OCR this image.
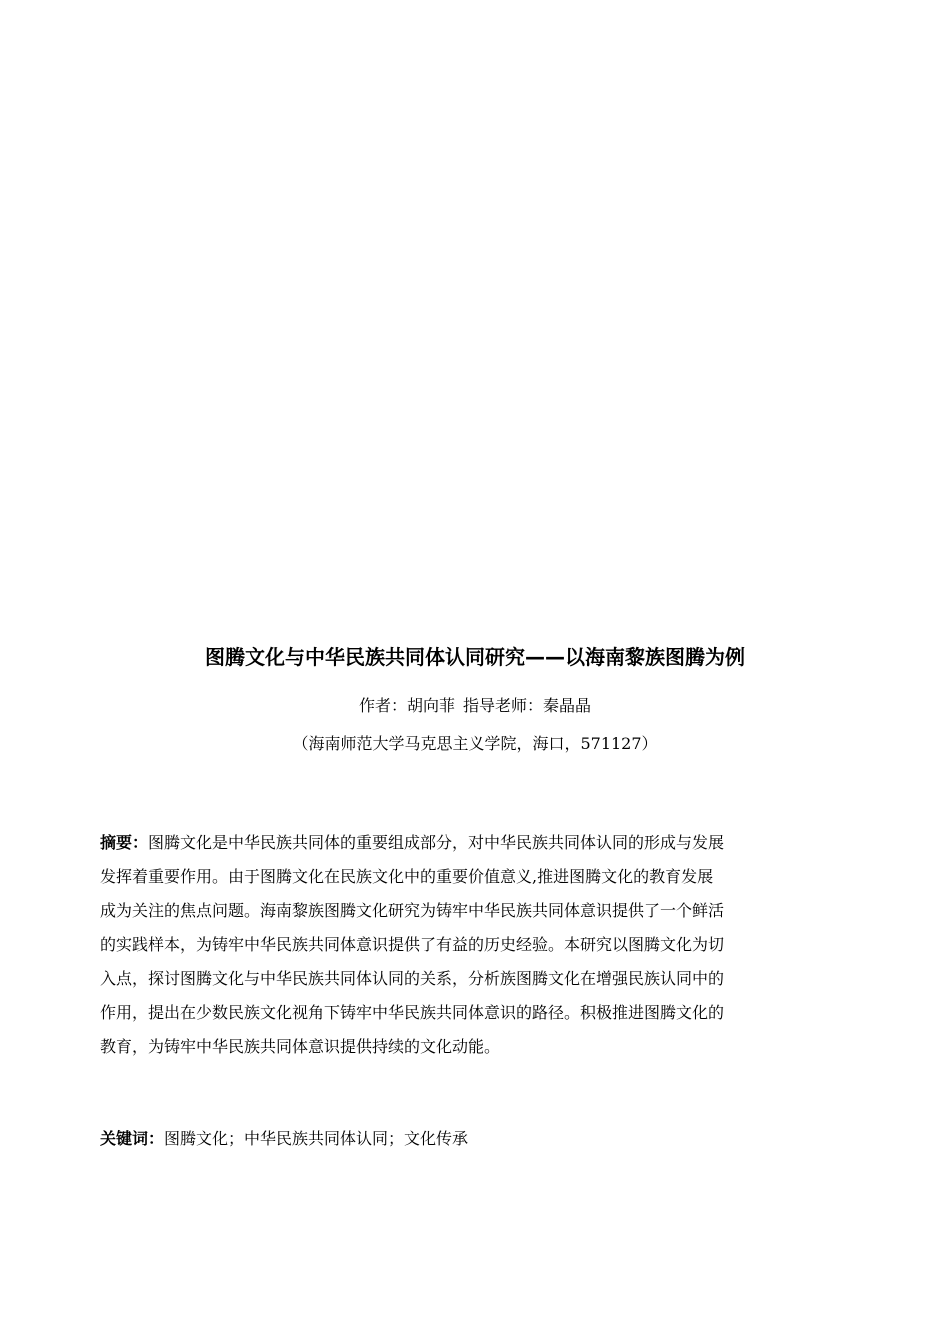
图腾文化与中华民族共同体认同研究——以海南黎族图腾为例
作者：胡向菲 指导老师：秦晶晶
（海南师范大学马克思主义学院，海口，571127）
摘要：图腾文化是中华民族共同体的重要组成部分，对中华民族共同体认同的形成与发展
发挥着重要作用。由于图腾文化在民族文化中的重要价值意义,推进图腾文化的教育发展
成为关注的焦点问题。海南黎族图腾文化研究为铸牢中华民族共同体意识提供了一个鲜活
的实践样本，为铸牢中华民族共同体意识提供了有益的历史经验。本研究以图腾文化为切
入点，探讨图腾文化与中华民族共同体认同的关系，分析族图腾文化在增强民族认同中的
作用，提出在少数民族文化视角下铸牢中华民族共同体意识的路径。积极推进图腾文化的
教育，为铸牢中华民族共同体意识提供持续的文化动能。
关键词：图腾文化；中华民族共同体认同；文化传承
